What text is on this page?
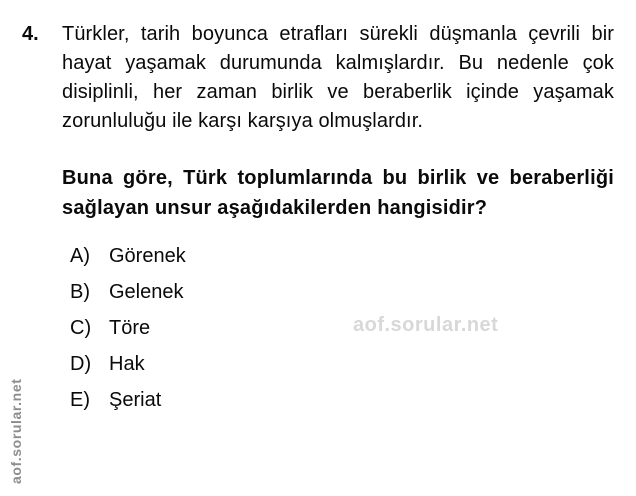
4.	Türkler, tarih boyunca etrafları sürekli düşmanla çevrili bir hayat yaşamak durumunda kalmışlardır. Bu nedenle çok disiplinli, her zaman birlik ve beraberlik içinde yaşamak zorunluluğu ile karşı karşıya olmuşlardır.

Buna göre, Türk toplumlarında bu birlik ve beraberliği sağlayan unsur aşağıdakilerden hangisidir?

A) Görenek
B) Gelenek
C) Töre
D) Hak
E) Şeriat
aof.sorular.net
aof.sorular.net
